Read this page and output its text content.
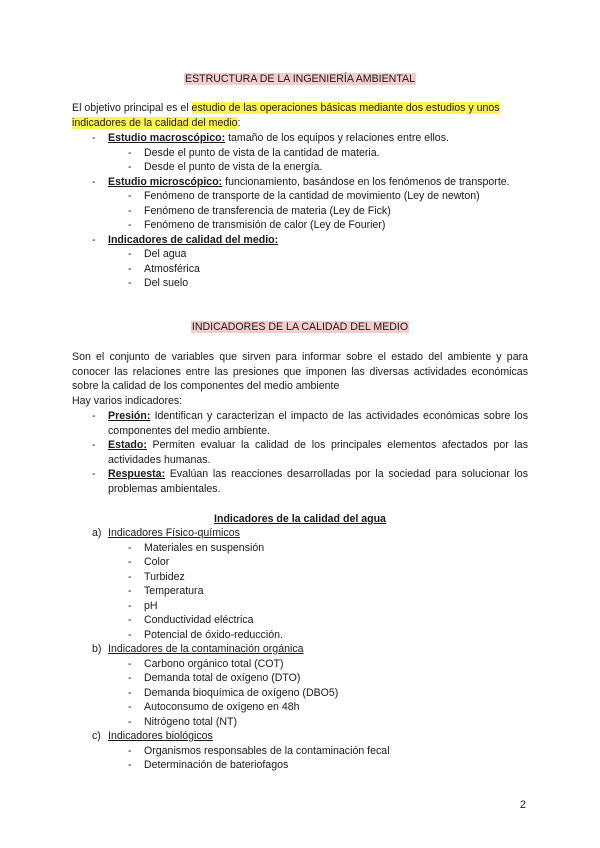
ESTRUCTURA DE LA INGENIERÍA AMBIENTAL
El objetivo principal es el estudio de las operaciones básicas mediante dos estudios y unos indicadores de la calidad del medio:
- Estudio macroscópico: tamaño de los equipos y relaciones entre ellos.
- Desde el punto de vista de la cantidad de materia.
- Desde el punto de vista de la energía.
- Estudio microscópico: funcionamiento, basándose en los fenómenos de transporte.
- Fenómeno de transporte de la cantidad de movimiento (Ley de newton)
- Fenómeno de transferencia de materia (Ley de Fick)
- Fenómeno de transmisión de calor (Ley de Fourier)
- Indicadores de calidad del medio:
- Del agua
- Atmosférica
- Del suelo
INDICADORES DE LA CALIDAD DEL MEDIO
Son el conjunto de variables que sirven para informar sobre el estado del ambiente y para conocer las relaciones entre las presiones que imponen las diversas actividades económicas sobre la calidad de los componentes del medio ambiente
Hay varios indicadores:
- Presión: Identifican y caracterizan el impacto de las actividades económicas sobre los componentes del medio ambiente.
- Estado: Permiten evaluar la calidad de los principales elementos afectados por las actividades humanas.
- Respuesta: Evalúan las reacciones desarrolladas por la sociedad para solucionar los problemas ambientales.
Indicadores de la calidad del agua
a) Indicadores Físico-químicos
- Materiales en suspensión
- Color
- Turbidez
- Temperatura
- pH
- Conductividad eléctrica
- Potencial de óxido-reducción.
b) Indicadores de la contaminación orgánica
- Carbono orgánico total (COT)
- Demanda total de oxígeno (DTO)
- Demanda bioquímica de oxígeno (DBO5)
- Autoconsumo de oxígeno en 48h
- Nitrógeno total (NT)
c) Indicadores biológicos
- Organismos responsables de la contaminación fecal
- Determinación de bateriofagos
2
